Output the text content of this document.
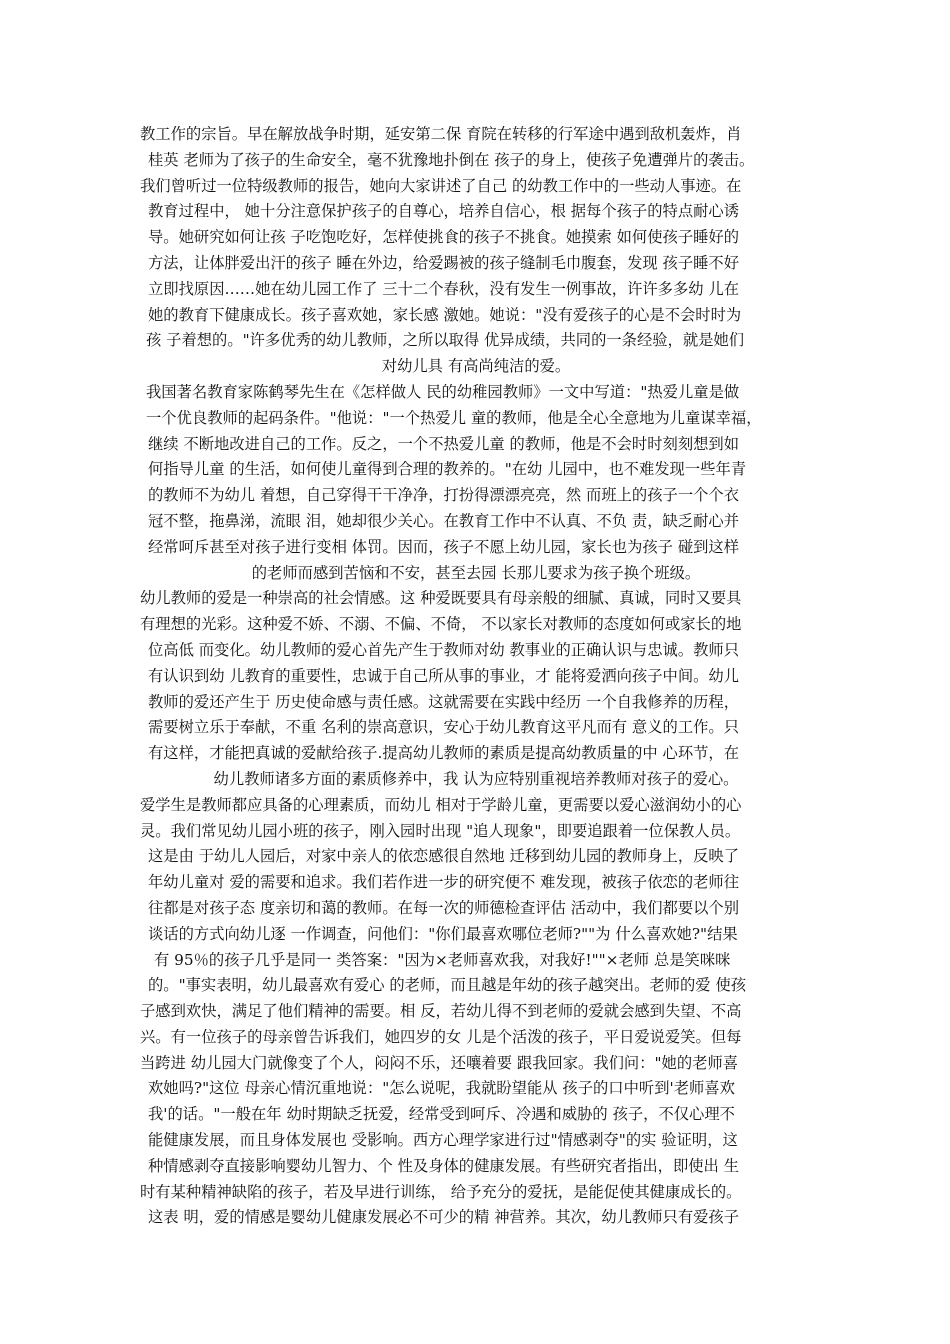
教工作的宗旨。早在解放战争时期，延安第二保 育院在转移的行军途中遇到敌机轰炸，肖
桂英 老师为了孩子的生命安全，毫不犹豫地扑倒在 孩子的身上，使孩子免遭弹片的袭击。
我们曾听过一位特级教师的报告，她向大家讲述了自己 的幼教工作中的一些动人事迹。在
教育过程中， 她十分注意保护孩子的自尊心，培养自信心，根 据每个孩子的特点耐心诱
导。她研究如何让孩 子吃饱吃好，怎样使挑食的孩子不挑食。她摸索 如何使孩子睡好的
方法，让体胖爱出汗的孩子 睡在外边，给爱踢被的孩子缝制毛巾腹套，发现 孩子睡不好
立即找原因……她在幼儿园工作了 三十二个春秋，没有发生一例事故，许许多多幼 儿在
她的教育下健康成长。孩子喜欢她，家长感 激她。她说："没有爱孩子的心是不会时时为
孩 子着想的。"许多优秀的幼儿教师，之所以取得 优异成绩，共同的一条经验，就是她们
对幼儿具 有高尚纯洁的爱。
我国著名教育家陈鹤琴先生在《怎样做人 民的幼稚园教师》一文中写道："热爱儿童是做
一个优良教师的起码条件。"他说："一个热爱儿 童的教师，他是全心全意地为儿童谋幸福，
继续 不断地改进自己的工作。反之，一个不热爱儿童 的教师，他是不会时时刻刻想到如
何指导儿童 的生活，如何使儿童得到合理的教养的。"在幼 儿园中，也不难发现一些年青
的教师不为幼儿 着想，自己穿得干干净净，打扮得漂漂亮亮，然 而班上的孩子一个个衣
冠不整，拖鼻涕，流眼 泪，她却很少关心。在教育工作中不认真、不负 责，缺乏耐心并
经常呵斥甚至对孩子进行变相 体罚。因而，孩子不愿上幼儿园，家长也为孩子 碰到这样
的老师而感到苦恼和不安，甚至去园 长那儿要求为孩子换个班级。
幼儿教师的爱是一种崇高的社会情感。这 种爱既要具有母亲般的细腻、真诚，同时又要具
有理想的光彩。这种爱不娇、不溺、不偏、不倚， 不以家长对教师的态度如何或家长的地
位高低 而变化。幼儿教师的爱心首先产生于教师对幼 教事业的正确认识与忠诚。教师只
有认识到幼 儿教育的重要性，忠诚于自己所从事的事业，才 能将爱洒向孩子中间。幼儿
教师的爱还产生于 历史使命感与责任感。这就需要在实践中经历 一个自我修养的历程，
需要树立乐于奉献，不重 名利的崇高意识，安心于幼儿教育这平凡而有 意义的工作。只
有这样，才能把真诚的爱献给孩子.提高幼儿教师的素质是提高幼教质量的中 心环节，在
幼儿教师诸多方面的素质修养中，我 认为应特别重视培养教师对孩子的爱心。
爱学生是教师都应具备的心理素质，而幼儿 相对于学龄儿童，更需要以爱心滋润幼小的心
灵。我们常见幼儿园小班的孩子，刚入园时出现 "追人现象"，即要追跟着一位保教人员。
这是由 于幼儿人园后，对家中亲人的依恋感很自然地 迁移到幼儿园的教师身上，反映了
年幼儿童对 爱的需要和追求。我们若作进一步的研究便不 难发现，被孩子依恋的老师往
往都是对孩子态 度亲切和蔼的教师。在每一次的师德检查评估 活动中，我们都要以个别
谈话的方式向幼儿逐 一作调查，问他们："你们最喜欢哪位老师?""为 什么喜欢她?"结果
有 95％的孩子几乎是同一 类答案："因为×老师喜欢我，对我好!""×老师 总是笑咪咪
的。"事实表明，幼儿最喜欢有爱心 的老师，而且越是年幼的孩子越突出。老师的爱 使孩
子感到欢快，满足了他们精神的需要。相 反，若幼儿得不到老师的爱就会感到失望、不高
兴。有一位孩子的母亲曾告诉我们，她四岁的女 儿是个活泼的孩子，平日爱说爱笑。但每
当跨进 幼儿园大门就像变了个人，闷闷不乐，还嚷着要 跟我回家。我们问："她的老师喜
欢她吗?"这位 母亲心情沉重地说："怎么说呢，我就盼望能从 孩子的口中听到'老师喜欢
我'的话。"一般在年 幼时期缺乏抚爱，经常受到呵斥、冷遇和威胁的 孩子，不仅心理不
能健康发展，而且身体发展也 受影响。西方心理学家进行过"情感剥夺"的实 验证明，这
种情感剥夺直接影响婴幼儿智力、个 性及身体的健康发展。有些研究者指出，即使出 生
时有某种精神缺陷的孩子，若及早进行训练， 给予充分的爱抚，是能促使其健康成长的。
这表 明，爱的情感是婴幼儿健康发展必不可少的精 神营养。其次，幼儿教师只有爱孩子
